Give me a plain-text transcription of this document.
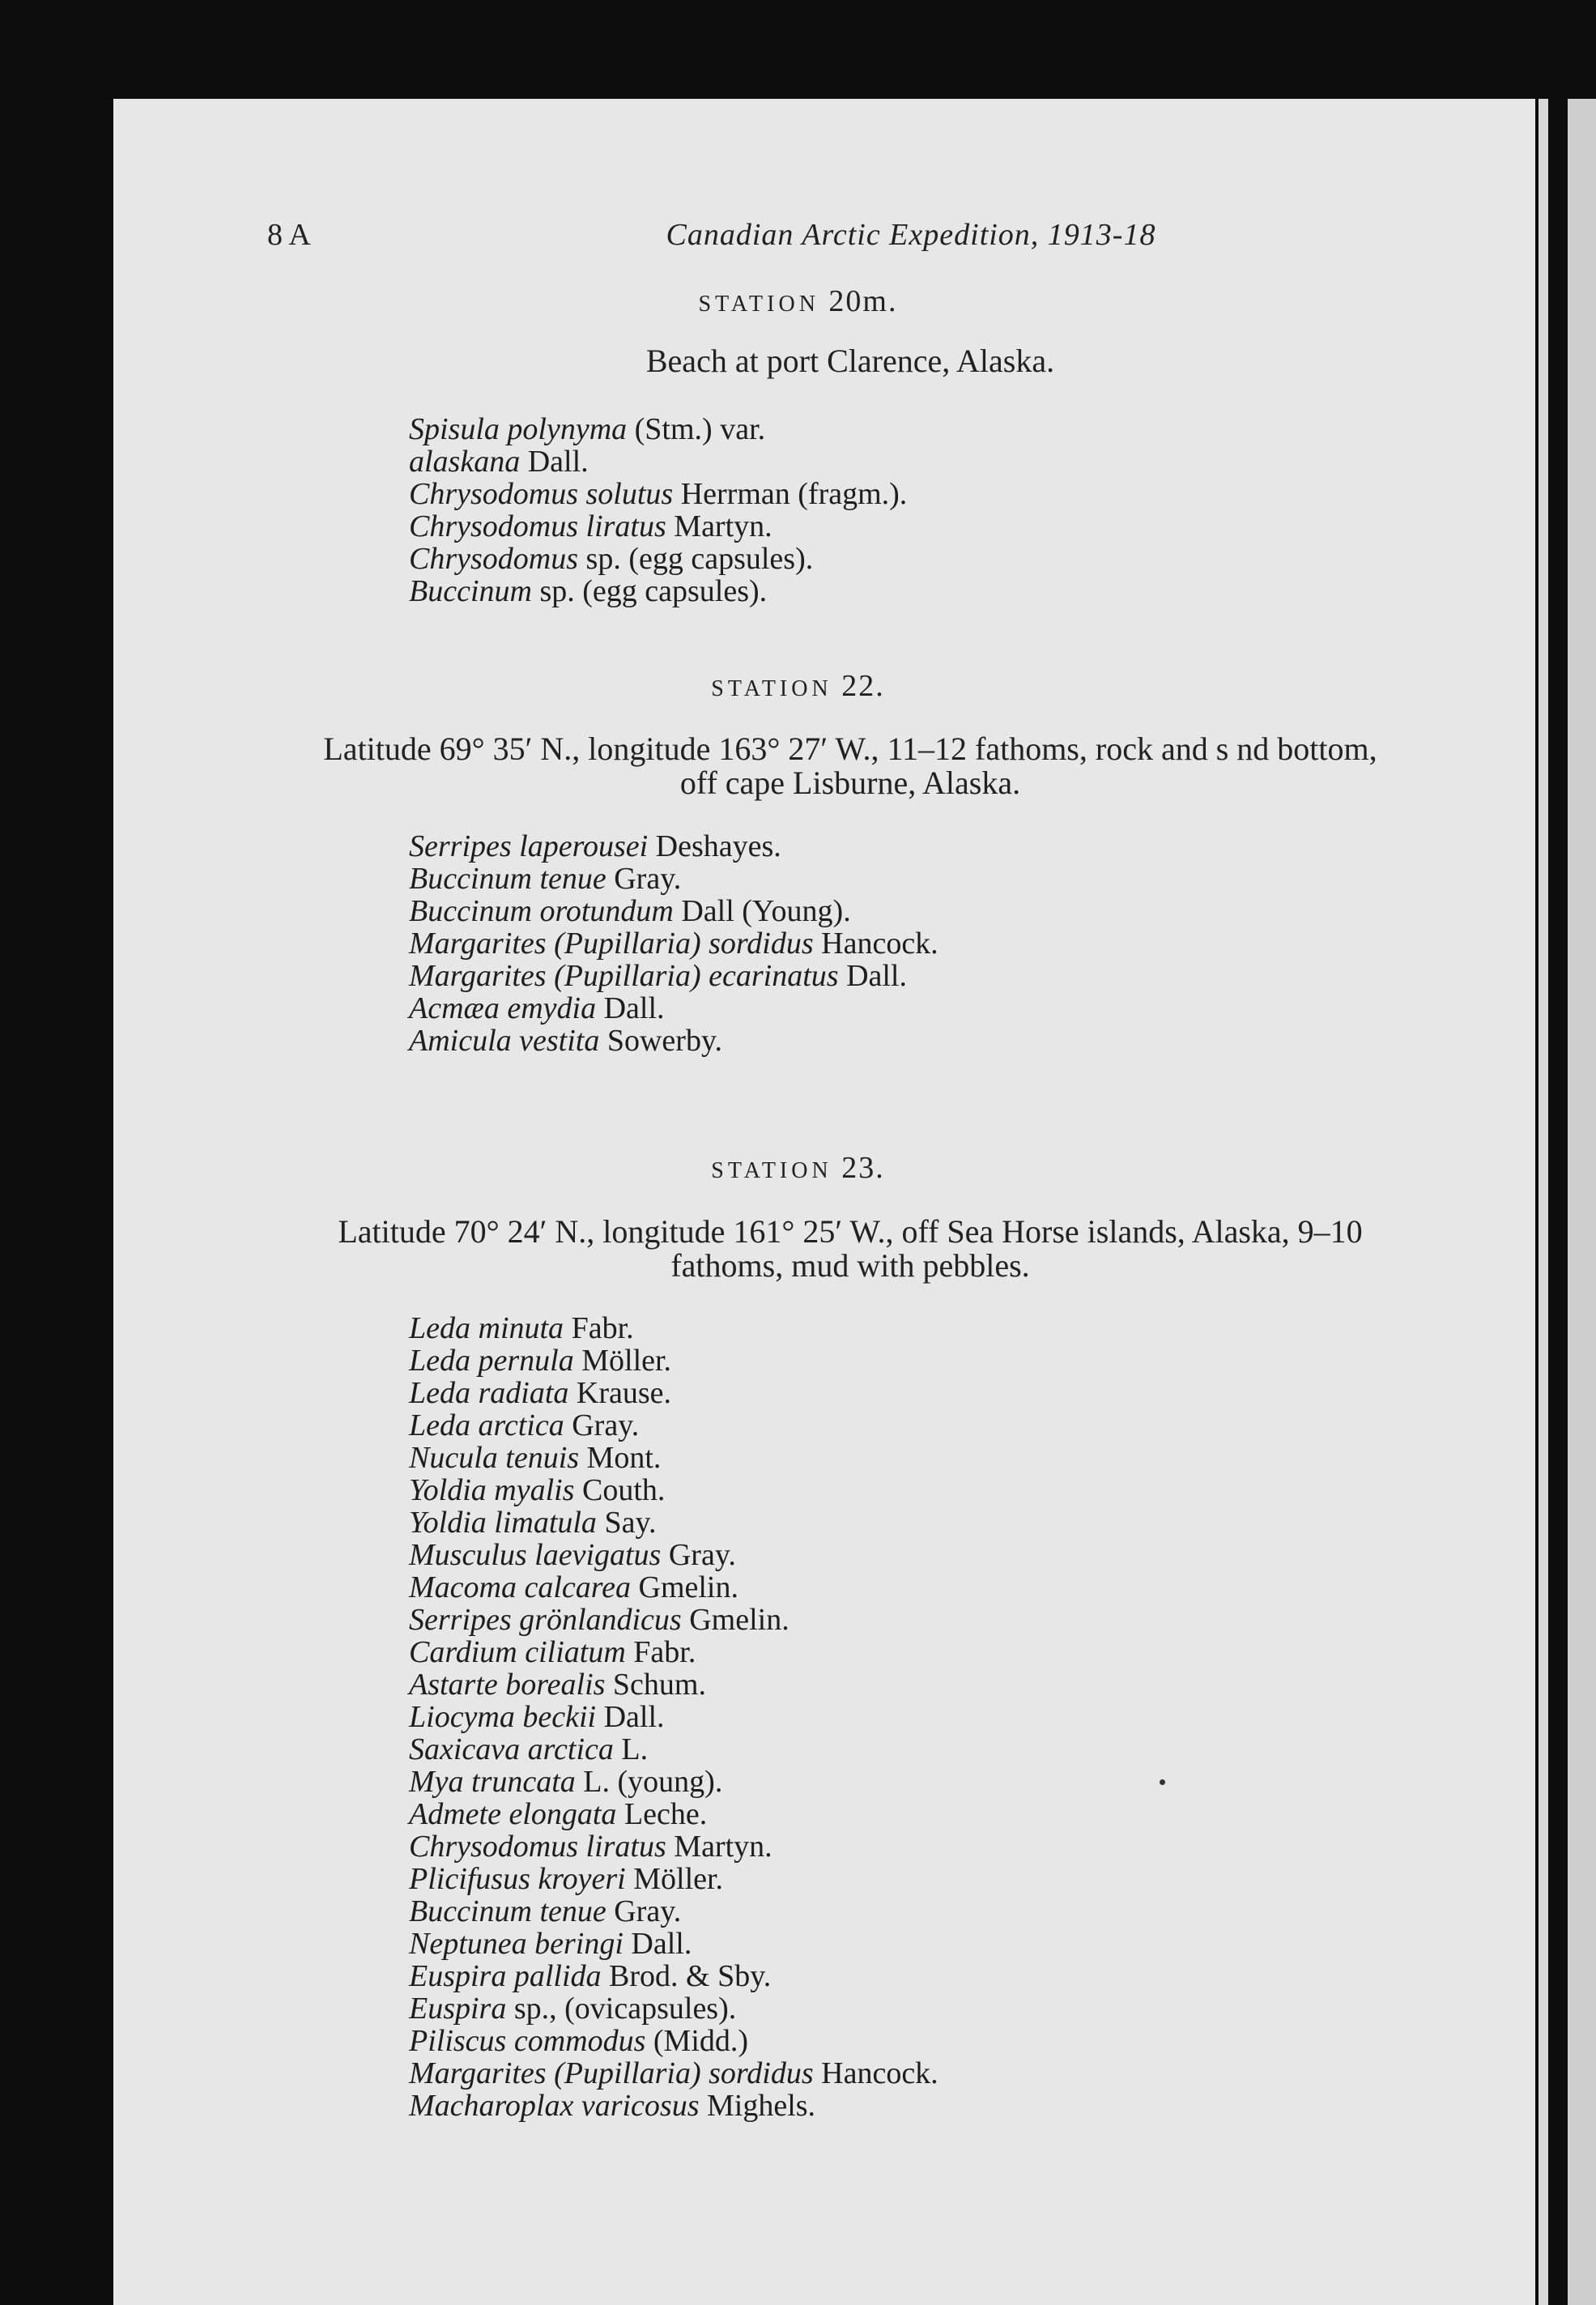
8 A	Canadian Arctic Expedition, 1913-18
STATION 20m.
Beach at port Clarence, Alaska.
Spisula polynyma (Stm.) var.
alaskana Dall.
Chrysodomus solutus Herrman (fragm.).
Chrysodomus liratus Martyn.
Chrysodomus sp. (egg capsules).
Buccinum sp. (egg capsules).
STATION 22.
Latitude 69° 35′ N., longitude 163° 27′ W., 11–12 fathoms, rock and s nd bottom, off cape Lisburne, Alaska.
Serripes laperousei Deshayes.
Buccinum tenue Gray.
Buccinum orotundum Dall (Young).
Margarites (Pupillaria) sordidus Hancock.
Margarites (Pupillaria) ecarinatus Dall.
Acmæa emydia Dall.
Amicula vestita Sowerby.
STATION 23.
Latitude 70° 24′ N., longitude 161° 25′ W., off Sea Horse islands, Alaska, 9–10 fathoms, mud with pebbles.
Leda minuta Fabr.
Leda pernula Möller.
Leda radiata Krause.
Leda arctica Gray.
Nucula tenuis Mont.
Yoldia myalis Couth.
Yoldia limatula Say.
Musculus laevigatus Gray.
Macoma calcarea Gmelin.
Serripes grönlandicus Gmelin.
Cardium ciliatum Fabr.
Astarte borealis Schum.
Liocyma beckii Dall.
Saxicava arctica L.
Mya truncata L. (young).
Admete elongata Leche.
Chrysodomus liratus Martyn.
Plicifusus kroyeri Möller.
Buccinum tenue Gray.
Neptunea beringi Dall.
Euspira pallida Brod. & Sby.
Euspira sp., (ovicapsules).
Piliscus commodus (Midd.)
Margarites (Pupillaria) sordidus Hancock.
Macharoplax varicosus Mighels.
